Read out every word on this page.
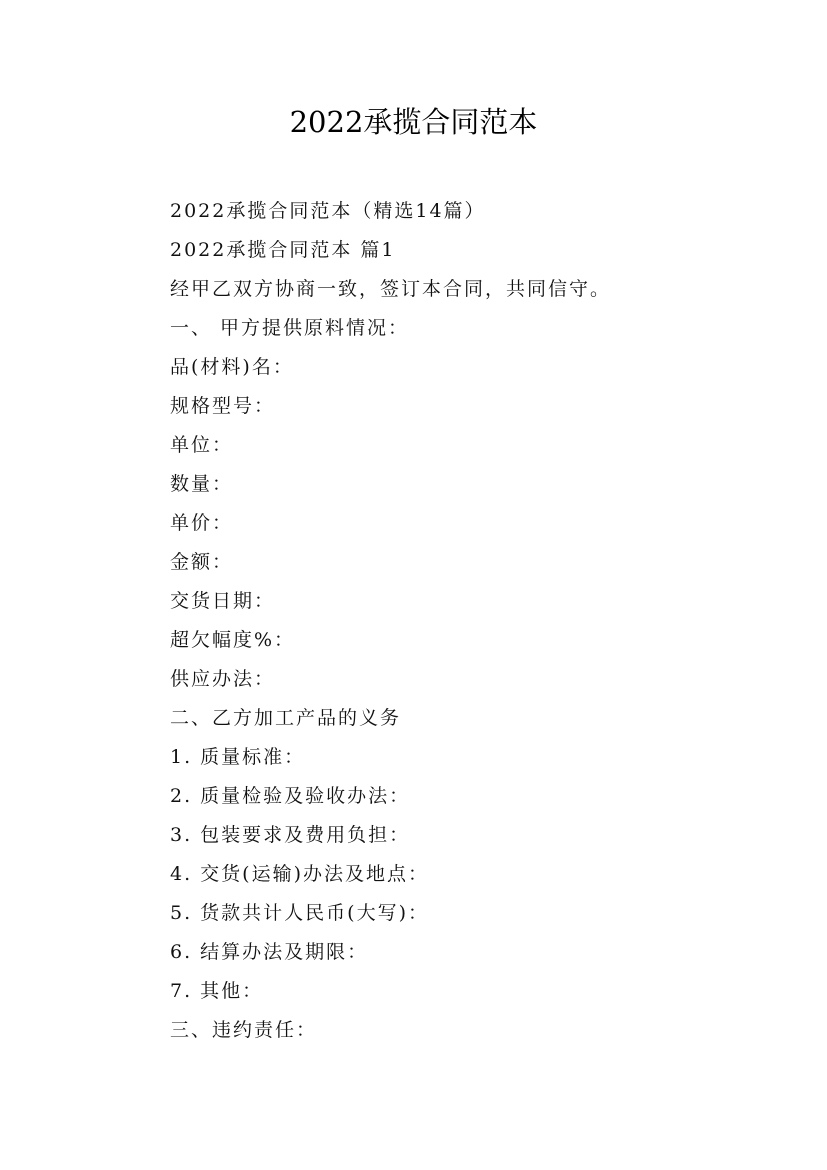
2022承揽合同范本
2022承揽合同范本（精选14篇）
2022承揽合同范本 篇1
经甲乙双方协商一致，签订本合同，共同信守。
一、 甲方提供原料情况：
品(材料)名：
规格型号：
单位：
数量：
单价：
金额：
交货日期：
超欠幅度%：
供应办法：
二、乙方加工产品的义务
1. 质量标准：
2. 质量检验及验收办法：
3. 包装要求及费用负担：
4. 交货(运输)办法及地点：
5. 货款共计人民币(大写)：
6. 结算办法及期限：
7. 其他：
三、违约责任：
